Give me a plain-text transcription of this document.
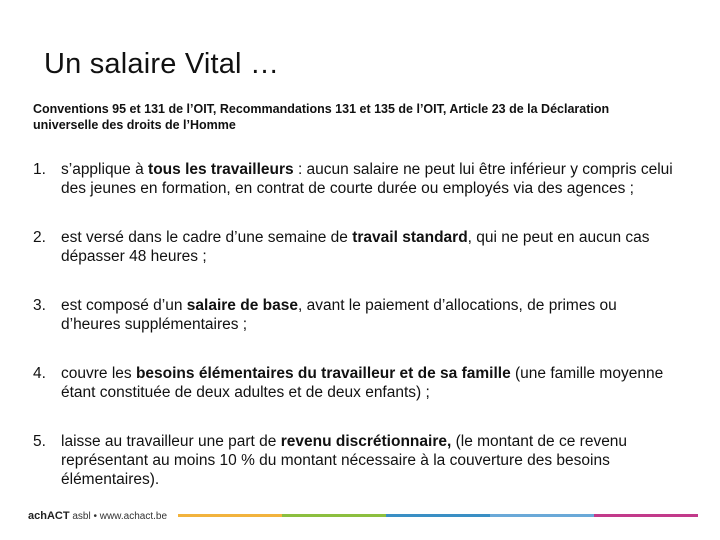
Un salaire Vital …
Conventions 95 et 131 de l’OIT, Recommandations 131 et 135 de l’OIT, Article 23 de la Déclaration universelle des droits de l’Homme
1. s’applique à tous les travailleurs : aucun salaire ne peut lui être inférieur y compris celui des jeunes en formation, en contrat de courte durée ou employés via des agences ;
2. est versé dans le cadre d’une semaine de travail standard, qui ne peut en aucun cas dépasser 48 heures ;
3. est composé d’un salaire de base, avant le paiement d’allocations, de primes ou d’heures supplémentaires ;
4. couvre les besoins élémentaires du travailleur et de sa famille (une famille moyenne étant constituée de deux adultes et de deux enfants) ;
5. laisse au travailleur une part de revenu discrétionnaire, (le montant de ce revenu représentant au moins 10 % du montant nécessaire à la couverture des besoins élémentaires).
achACT asbl • www.achact.be
